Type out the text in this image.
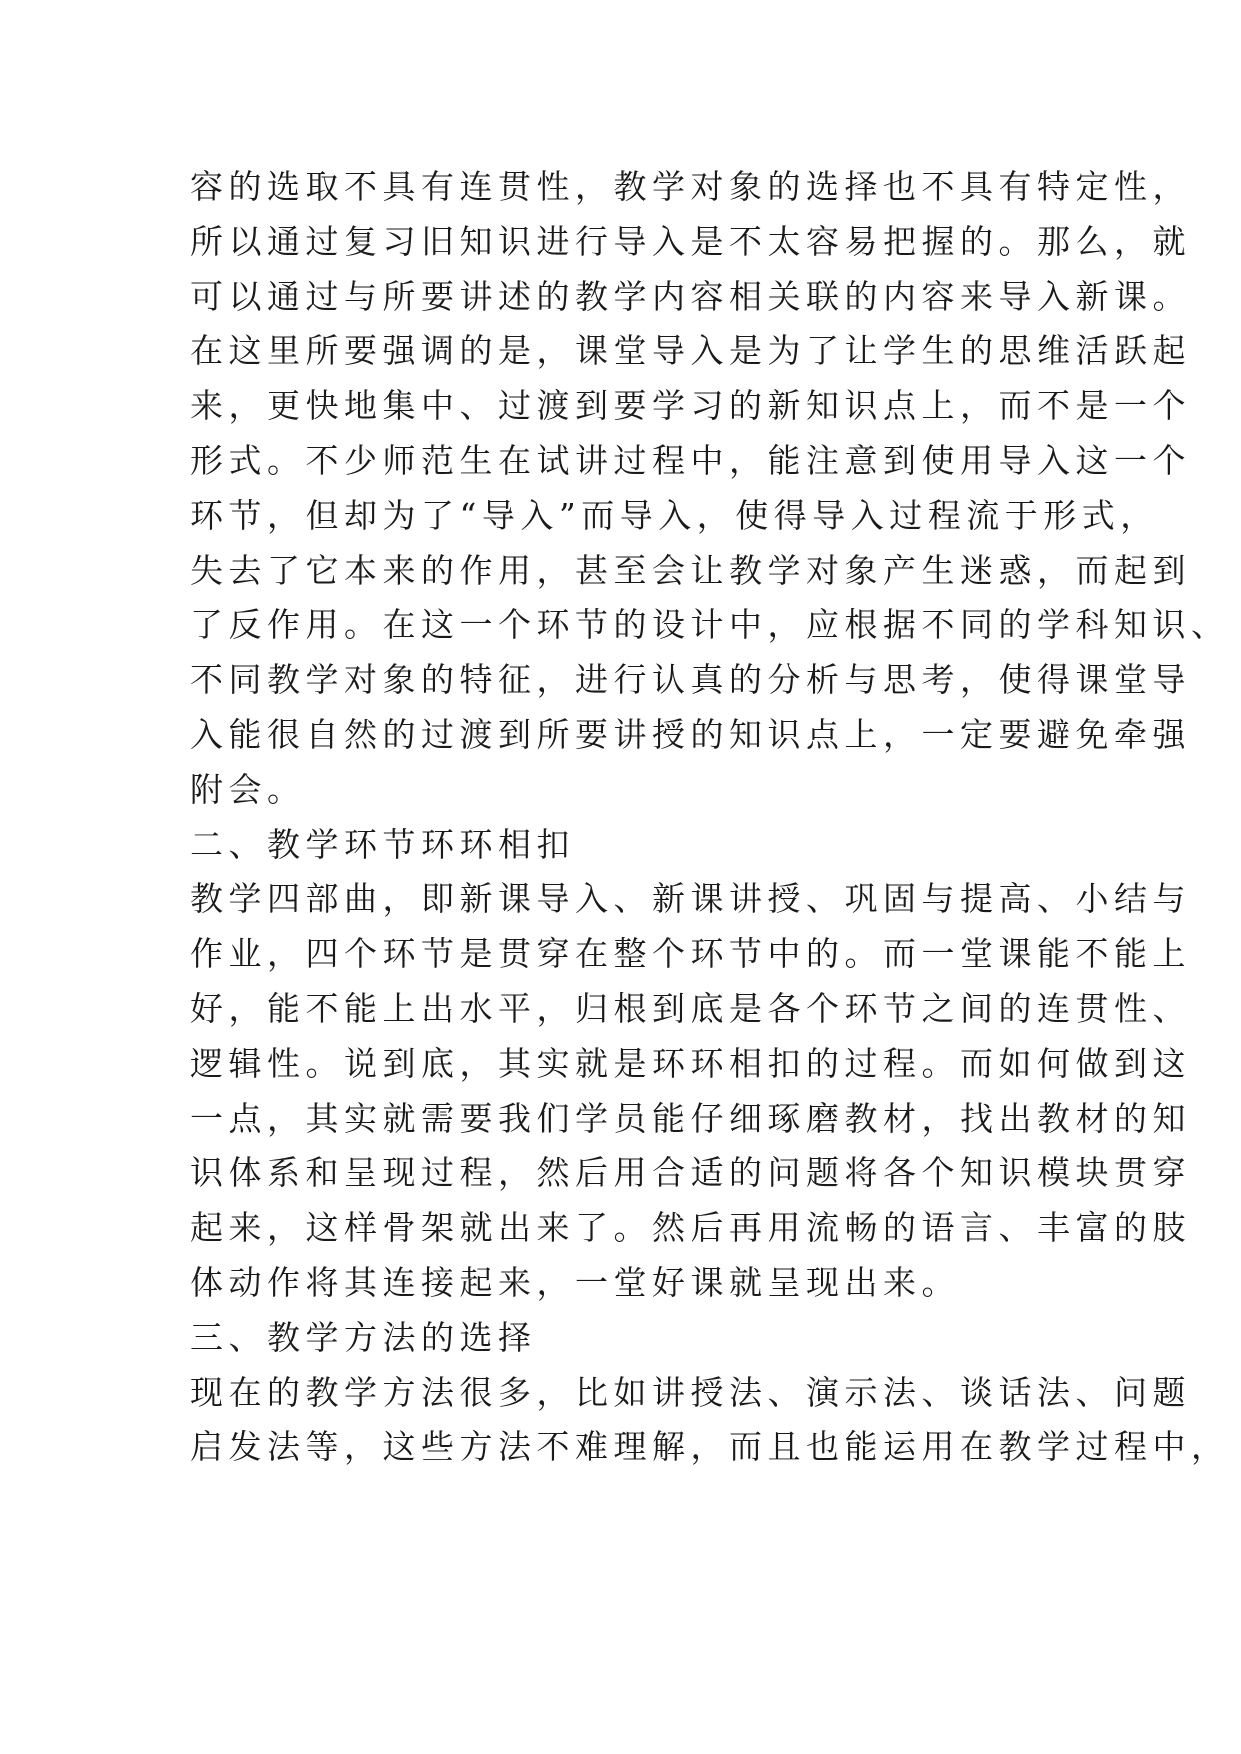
容的选取不具有连贯性，教学对象的选择也不具有特定性，
所以通过复习旧知识进行导入是不太容易把握的。那么，就
可以通过与所要讲述的教学内容相关联的内容来导入新课。
在这里所要强调的是，课堂导入是为了让学生的思维活跃起
来，更快地集中、过渡到要学习的新知识点上，而不是一个
形式。不少师范生在试讲过程中，能注意到使用导入这一个
环节，但却为了“导入”而导入，使得导入过程流于形式，
失去了它本来的作用，甚至会让教学对象产生迷惑，而起到
了反作用。在这一个环节的设计中，应根据不同的学科知识、
不同教学对象的特征，进行认真的分析与思考，使得课堂导
入能很自然的过渡到所要讲授的知识点上，一定要避免牵强
附会。
二、教学环节环环相扣
教学四部曲，即新课导入、新课讲授、巩固与提高、小结与
作业，四个环节是贯穿在整个环节中的。而一堂课能不能上
好，能不能上出水平，归根到底是各个环节之间的连贯性、
逻辑性。说到底，其实就是环环相扣的过程。而如何做到这
一点，其实就需要我们学员能仔细琢磨教材，找出教材的知
识体系和呈现过程，然后用合适的问题将各个知识模块贯穿
起来，这样骨架就出来了。然后再用流畅的语言、丰富的肢
体动作将其连接起来，一堂好课就呈现出来。
三、教学方法的选择
现在的教学方法很多，比如讲授法、演示法、谈话法、问题
启发法等，这些方法不难理解，而且也能运用在教学过程中，
